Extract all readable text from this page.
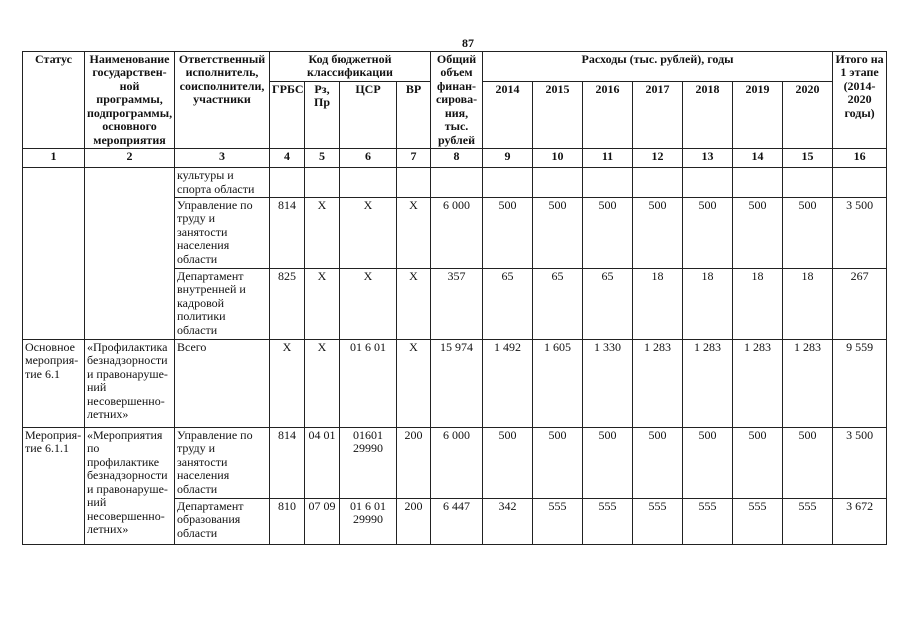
87
Статус	Наименование государствен-ной программы, подпрограммы, основного мероприятия	Ответственный исполнитель, соисполнители, участники	Код бюджетной классификации				Общий объем финан-сирова-ния, тыс. рублей	Расходы (тыс. рублей), годы							Итого на 1 этапе (2014-2020 годы)
			ГРБС	Рз, Пр	ЦСР	ВР		2014	2015	2016	2017	2018	2019	2020	
1	2	3	4	5	6	7	8	9	10	11	12	13	14	15	16
		культуры и спорта области													
		Управление по труду и занятости населения области	814	Х	Х	Х	6 000	500	500	500	500	500	500	500	3 500
		Департамент внутренней и кадровой политики области	825	Х	Х	Х	357	65	65	65	18	18	18	18	267
Основное мероприя-тие 6.1	«Профилактика безнадзорности и правонаруше-ний несовершенно-летних»	Всего	Х	Х	01 6 01	Х	15 974	1 492	1 605	1 330	1 283	1 283	1 283	1 283	9 559
Мероприя-тие 6.1.1	«Мероприятия по профилактике безнадзорности и правонаруше-ний несовершенно-летних»	Управление по труду и занятости населения области	814	04 01	01601 29990	200	6 000	500	500	500	500	500	500	500	3 500
		Департамент образования области	810	07 09	01 6 01 29990	200	6 447	342	555	555	555	555	555	555	3 672
